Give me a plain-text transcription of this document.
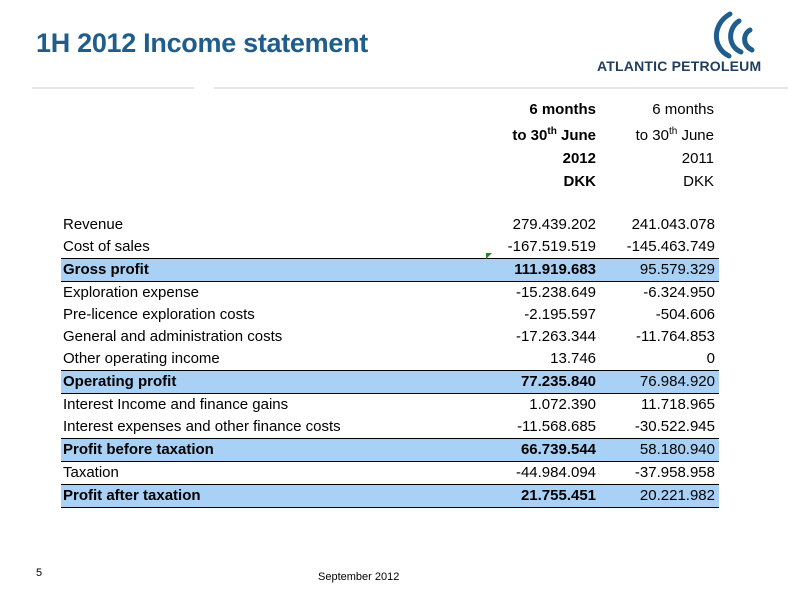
1H 2012 Income statement
ATLANTIC PETROLEUM
6 months
to 30th June
2012
DKK
6 months
to 30th June
2011
DKK
Revenue	279.439.202	241.043.078
Cost of sales	-167.519.519	-145.463.749
Gross profit	111.919.683	95.579.329
Exploration expense	-15.238.649	-6.324.950
Pre-licence exploration costs	-2.195.597	-504.606
General and administration costs	-17.263.344	-11.764.853
Other operating income	13.746	0
Operating profit	77.235.840	76.984.920
Interest Income and finance gains	1.072.390	11.718.965
Interest expenses and other finance costs	-11.568.685	-30.522.945
Profit before taxation	66.739.544	58.180.940
Taxation	-44.984.094	-37.958.958
Profit after taxation	21.755.451	20.221.982
5	September 2012
